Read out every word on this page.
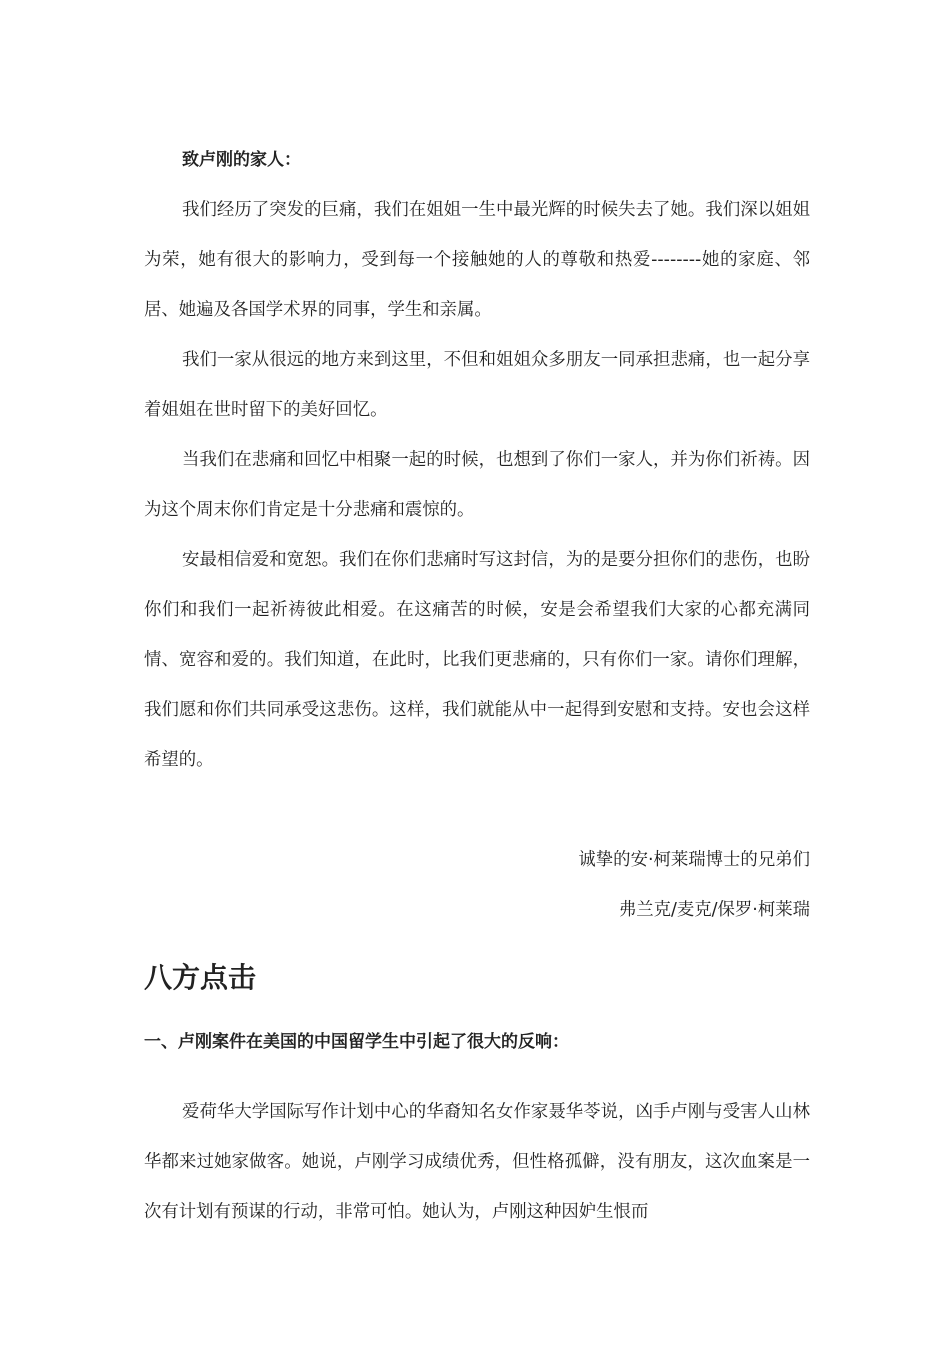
致卢刚的家人：

我们经历了突发的巨痛，我们在姐姐一生中最光辉的时候失去了她。我们深以姐姐为荣，她有很大的影响力，受到每一个接触她的人的尊敬和热爱--------她的家庭、邻居、她遍及各国学术界的同事，学生和亲属。

我们一家从很远的地方来到这里，不但和姐姐众多朋友一同承担悲痛，也一起分享着姐姐在世时留下的美好回忆。

当我们在悲痛和回忆中相聚一起的时候，也想到了你们一家人，并为你们祈祷。因为这个周末你们肯定是十分悲痛和震惊的。

安最相信爱和宽恕。我们在你们悲痛时写这封信，为的是要分担你们的悲伤，也盼你们和我们一起祈祷彼此相爱。在这痛苦的时候，安是会希望我们大家的心都充满同情、宽容和爱的。我们知道，在此时，比我们更悲痛的，只有你们一家。请你们理解，我们愿和你们共同承受这悲伤。这样，我们就能从中一起得到安慰和支持。安也会这样希望的。

诚挚的安·柯莱瑞博士的兄弟们

弗兰克/麦克/保罗·柯莱瑞

八方点击

一、卢刚案件在美国的中国留学生中引起了很大的反响：

爱荷华大学国际写作计划中心的华裔知名女作家聂华苓说，凶手卢刚与受害人山林华都来过她家做客。她说，卢刚学习成绩优秀，但性格孤僻，没有朋友，这次血案是一次有计划有预谋的行动，非常可怕。她认为，卢刚这种因妒生恨而
